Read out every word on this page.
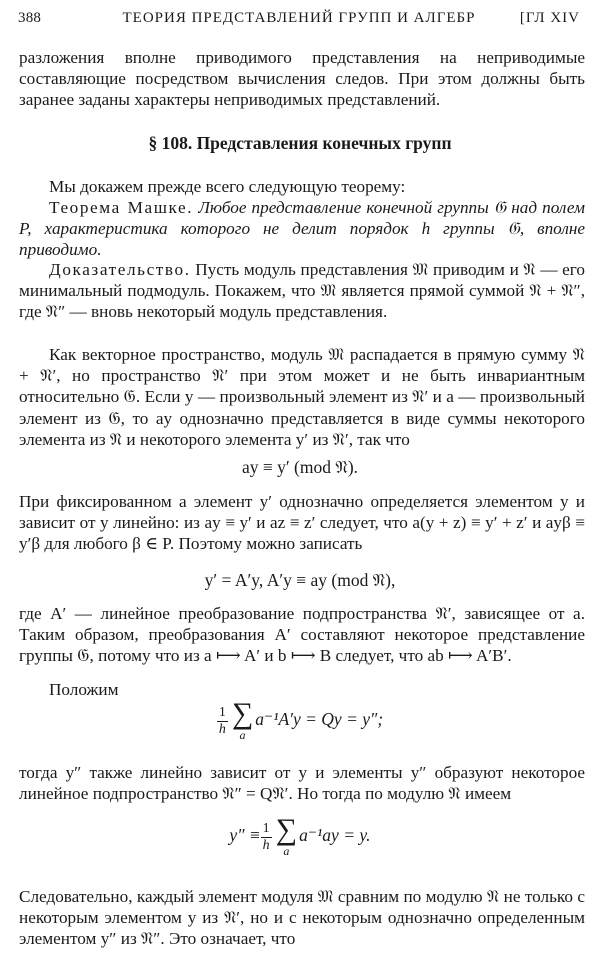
388	ТЕОРИЯ ПРЕДСТАВЛЕНИЙ ГРУПП И АЛГЕБР	[ГЛ XIV

разложения вполне приводимого представления на неприводимые составляющие посредством вычисления следов. При этом должны быть заранее заданы характеры неприводимых представлений.

§ 108. Представления конечных групп

Мы докажем прежде всего следующую теорему:

Теорема Машке. Любое представление конечной группы 𝔊 над полем P, характеристика которого не делит порядок h группы 𝔊, вполне приводимо.

Доказательство. Пусть модуль представления 𝔐 приводим и 𝔑 — его минимальный подмодуль. Покажем, что 𝔐 является прямой суммой 𝔑 + 𝔑″, где 𝔑″ — вновь некоторый модуль представления.

Как векторное пространство, модуль 𝔐 распадается в прямую сумму 𝔑 + 𝔑′, но пространство 𝔑′ при этом может и не быть инвариантным относительно 𝔊. Если y — произвольный элемент из 𝔑′ и a — произвольный элемент из 𝔊, то ay однозначно представляется в виде суммы некоторого элемента из 𝔑 и некоторого элемента y′ из 𝔑′, так что

ay ≡ y′ (mod 𝔑).

При фиксированном a элемент y′ однозначно определяется элементом y и зависит от y линейно: из ay ≡ y′ и az ≡ z′ следует, что a(y + z) ≡ y′ + z′ и ayβ ≡ y′β для любого β ∈ P. Поэтому можно записать

y′ = A′y, A′y ≡ ay (mod 𝔑),

где A′ — линейное преобразование подпространства 𝔑′, зависящее от a. Таким образом, преобразования A′ составляют некоторое представление группы 𝔊, потому что из a ⟼ A′ и b ⟼ B следует, что ab ⟼ A′B′.

Положим

$\frac{1}{h}$ ∑
a
a⁻¹A′y = Qy = y″;

тогда y″ также линейно зависит от y и элементы y″ образуют некоторое линейное подпространство 𝔑″ = Q𝔑′. Но тогда по модулю 𝔑 имеем

$y'' \equiv \frac{1}{h}$ ∑
a
a⁻¹ay = y.

Следовательно, каждый элемент модуля 𝔐 сравним по модулю 𝔑 не только с некоторым элементом y из 𝔑′, но и с некоторым однозначно определенным элементом y″ из 𝔑″. Это означает, что
